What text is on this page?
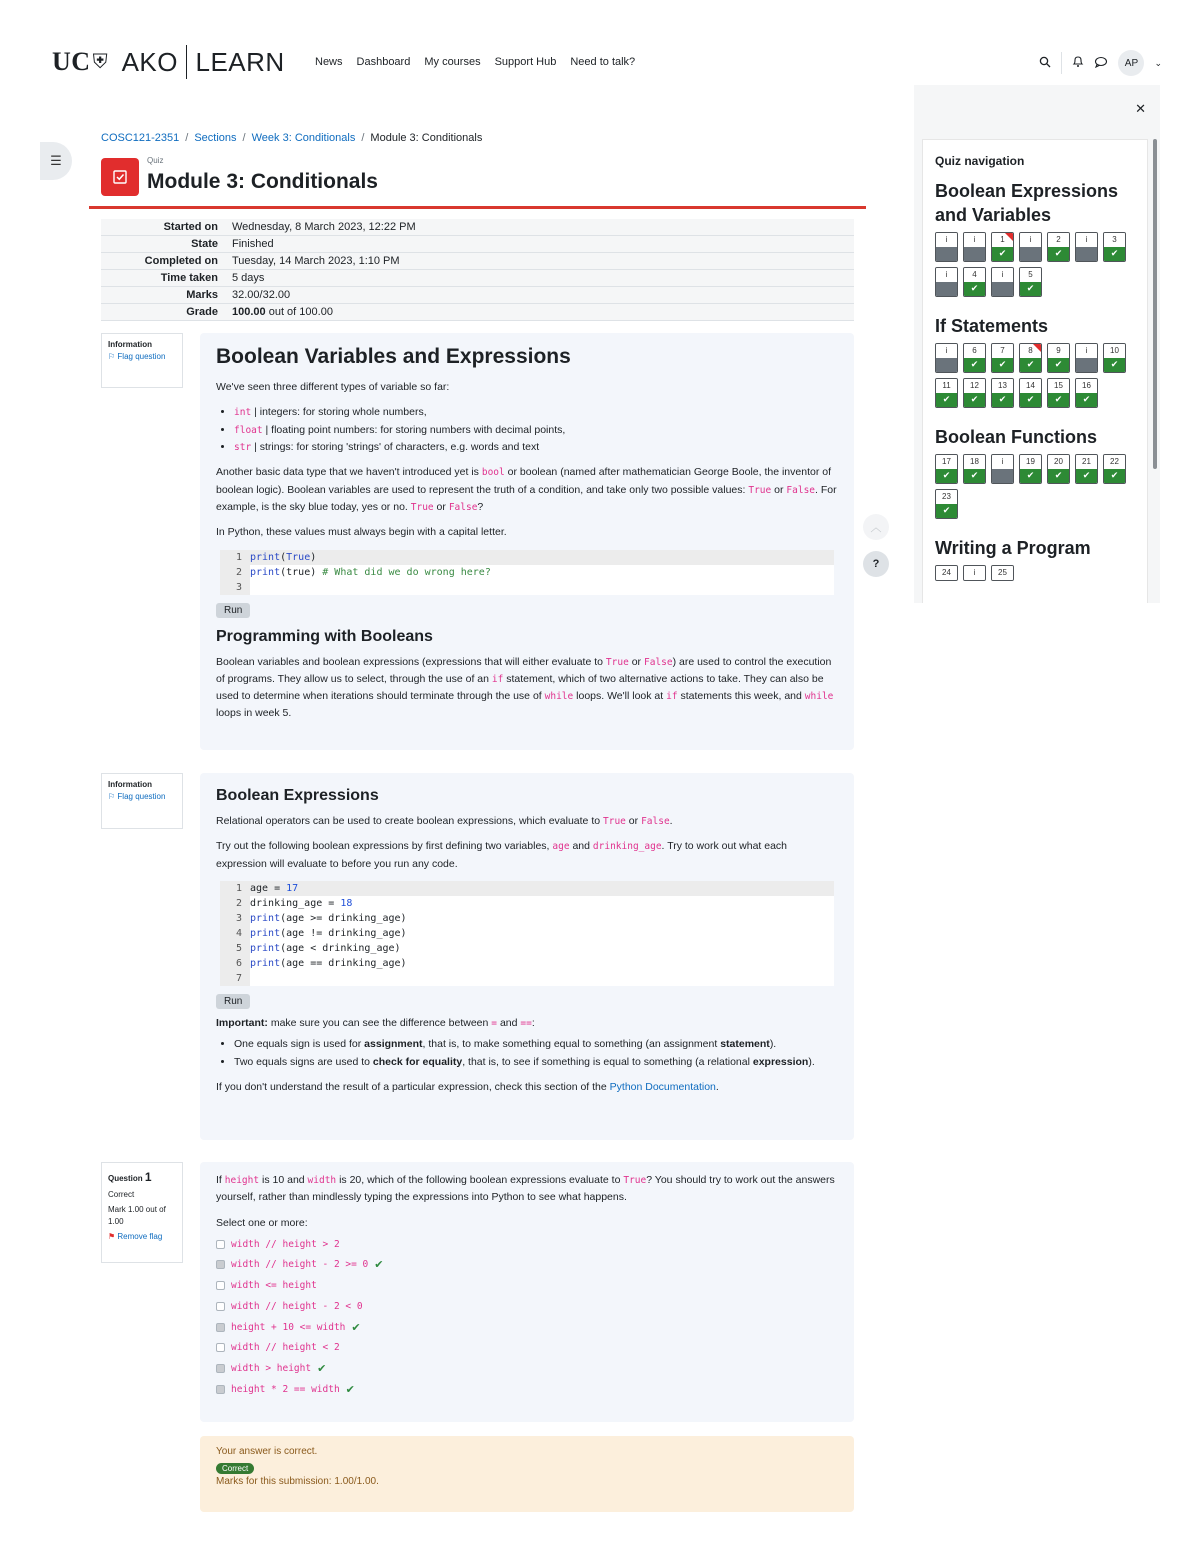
UC ⛨ AKO LEARN	News Dashboard My courses Support Hub Need to talk?	AP	⌄
☰
COSC121-2351 / Sections / Week 3: Conditionals / Module 3: Conditionals
Quiz
Module 3: Conditionals
Started on	Wednesday, 8 March 2023, 12:22 PM
State	Finished
Completed on	Tuesday, 14 March 2023, 1:10 PM
Time taken	5 days
Marks	32.00/32.00
Grade	100.00 out of 100.00
Information
⚐ Flag question	Boolean Variables and Expressions

We've seen three different types of variable so far:

• int | integers: for storing whole numbers,
• float | floating point numbers: for storing numbers with decimal points,
• str | strings: for storing 'strings' of characters, e.g. words and text

Another basic data type that we haven't introduced yet is bool or boolean (named after mathematician George Boole, the inventor of boolean logic). Boolean variables are used to represent the truth of a condition, and take only two possible values: True or False. For example, is the sky blue today, yes or no. True or False?

In Python, these values must always begin with a capital letter.

1 print ( True )
2 print (true) # What did we do wrong here?
3
Run
Programming with Booleans

Boolean variables and boolean expressions (expressions that will either evaluate to True or False) are used to control the execution of programs. They allow us to select, through the use of an if statement, which of two alternative actions to take. They can also be used to determine when iterations should terminate through the use of while loops. We'll look at if statements this week, and while loops in week 5.

Information
⚐ Flag question	Boolean Expressions

Relational operators can be used to create boolean expressions, which evaluate to True or False.

Try out the following boolean expressions by first defining two variables, age and drinking_age. Try to work out what each expression will evaluate to before you run any code.

1 age = 17
2 drinking_age = 18
3 print (age >= drinking_age)
4 print (age != drinking_age)
5 print (age < drinking_age)
6 print (age == drinking_age)
7
Run

Important: make sure you can see the difference between = and ==:

• One equals sign is used for assignment, that is, to make something equal to something (an assignment statement).
• Two equals signs are used to check for equality, that is, to see if something is equal to something (a relational expression).

If you don't understand the result of a particular expression, check this section of the Python Documentation.

Question 1
Correct
Mark 1.00 out of 1.00
⚑ Remove flag

If height is 10 and width is 20, which of the following boolean expressions evaluate to True? You should try to work out the answers yourself, rather than mindlessly typing the expressions into Python to see what happens.

Select one or more:

width // height > 2
width // height - 2 >= 0 ✔
width <= height
width // height - 2 < 0
height + 10 <= width ✔
width // height < 2
width > height ✔
height * 2 == width ✔
Your answer is correct.
Correct
Marks for this submission: 1.00/1.00.
︿
?
✕
Quiz navigation
Boolean Expressions and Variables
i	i	1
✔
i	2
✔
i	3
✔
i	4
✔
i	5
✔
If Statements
i	6
✔
7
✔
8
✔
9
✔
i	10
✔
11
✔
12
✔
13
✔
14
✔
15
✔
16
✔
Boolean Functions
17
✔
18
✔
i	19
✔
20
✔
21
✔
22
✔
23
✔
Writing a Program
24	i	25
